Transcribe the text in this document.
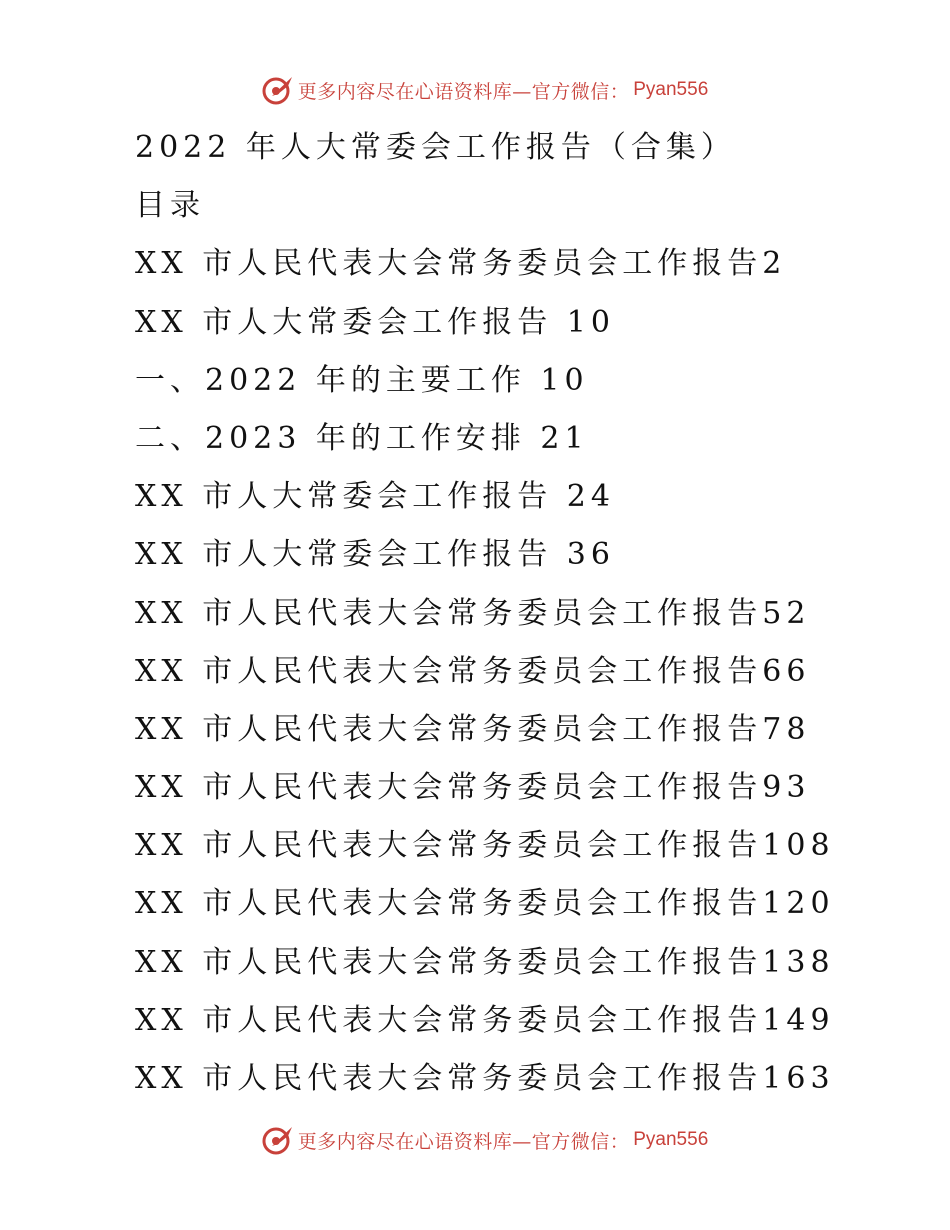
更多内容尽在心语资料库—官方微信： Pyan556
2022 年人大常委会工作报告（合集）
目录
XX 市人民代表大会常务委员会工作报告2
XX 市人大常委会工作报告 10
一、2022 年的主要工作 10
二、2023 年的工作安排 21
XX 市人大常委会工作报告 24
XX 市人大常委会工作报告 36
XX 市人民代表大会常务委员会工作报告52
XX 市人民代表大会常务委员会工作报告66
XX 市人民代表大会常务委员会工作报告78
XX 市人民代表大会常务委员会工作报告93
XX 市人民代表大会常务委员会工作报告108
XX 市人民代表大会常务委员会工作报告120
XX 市人民代表大会常务委员会工作报告138
XX 市人民代表大会常务委员会工作报告149
XX 市人民代表大会常务委员会工作报告163
更多内容尽在心语资料库—官方微信： Pyan556
